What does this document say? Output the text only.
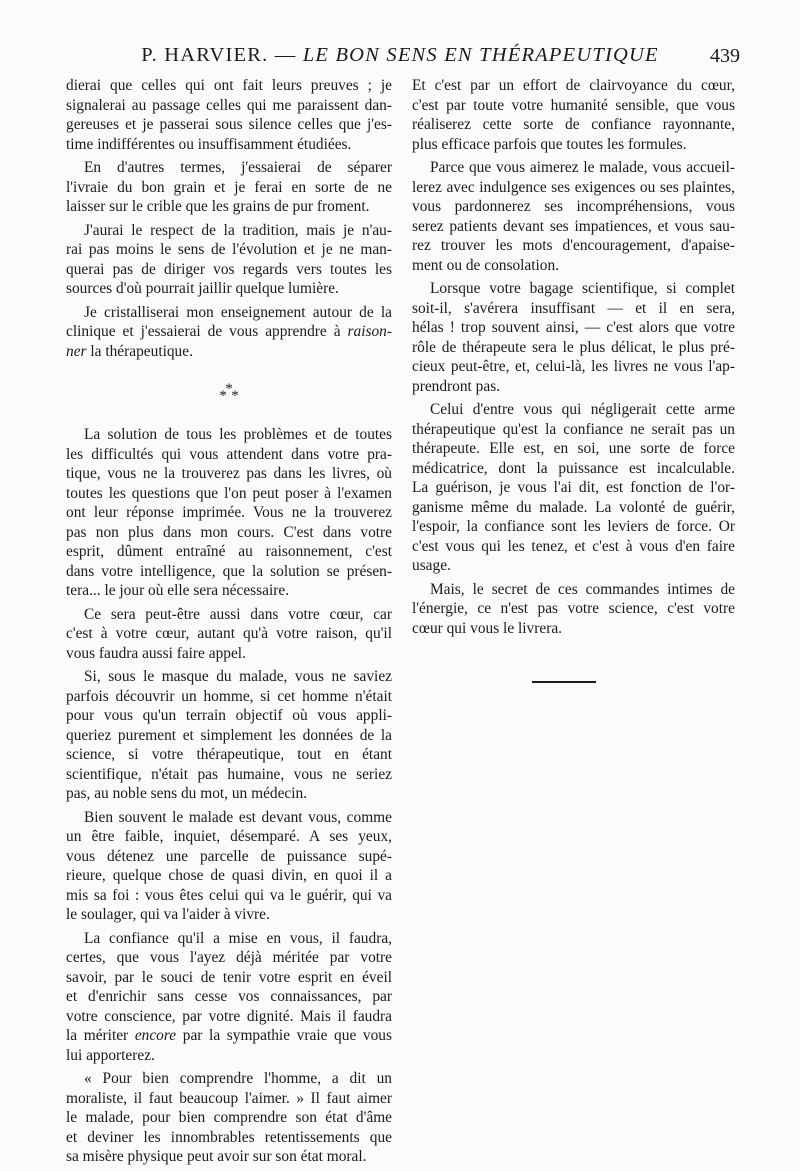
P. HARVIER. — LE BON SENS EN THÉRAPEUTIQUE	439
dierai que celles qui ont fait leurs preuves ; je
signalerai au passage celles qui me paraissent dan-
gereuses et je passerai sous silence celles que j'es-
time indifférentes ou insuffisamment étudiées.
En d'autres termes, j'essaierai de séparer
l'ivraie du bon grain et je ferai en sorte de ne
laisser sur le crible que les grains de pur froment.
J'aurai le respect de la tradition, mais je n'au-
rai pas moins le sens de l'évolution et je ne man-
querai pas de diriger vos regards vers toutes les
sources d'où pourrait jaillir quelque lumière.
Je cristalliserai mon enseignement autour de la
clinique et j'essaierai de vous apprendre à raison-
ner la thérapeutique.
*
*
*
La solution de tous les problèmes et de toutes
les difficultés qui vous attendent dans votre pra-
tique, vous ne la trouverez pas dans les livres, où
toutes les questions que l'on peut poser à l'examen
ont leur réponse imprimée. Vous ne la trouverez
pas non plus dans mon cours. C'est dans votre
esprit, dûment entraîné au raisonnement, c'est
dans votre intelligence, que la solution se présen-
tera... le jour où elle sera nécessaire.
Ce sera peut-être aussi dans votre cœur, car
c'est à votre cœur, autant qu'à votre raison, qu'il
vous faudra aussi faire appel.
Si, sous le masque du malade, vous ne saviez
parfois découvrir un homme, si cet homme n'était
pour vous qu'un terrain objectif où vous appli-
queriez purement et simplement les données de la
science, si votre thérapeutique, tout en étant
scientifique, n'était pas humaine, vous ne seriez
pas, au noble sens du mot, un médecin.
Bien souvent le malade est devant vous, comme
un être faible, inquiet, désemparé. A ses yeux,
vous détenez une parcelle de puissance supé-
rieure, quelque chose de quasi divin, en quoi il a
mis sa foi : vous êtes celui qui va le guérir, qui va
le soulager, qui va l'aider à vivre.
La confiance qu'il a mise en vous, il faudra,
certes, que vous l'ayez déjà méritée par votre
savoir, par le souci de tenir votre esprit en éveil
et d'enrichir sans cesse vos connaissances, par
votre conscience, par votre dignité. Mais il faudra
la mériter encore par la sympathie vraie que vous
lui apporterez.
« Pour bien comprendre l'homme, a dit un
moraliste, il faut beaucoup l'aimer. » Il faut aimer
le malade, pour bien comprendre son état d'âme
et deviner les innombrables retentissements que
sa misère physique peut avoir sur son état moral.
Et c'est par un effort de clairvoyance du cœur,
c'est par toute votre humanité sensible, que vous
réaliserez cette sorte de confiance rayonnante,
plus efficace parfois que toutes les formules.
Parce que vous aimerez le malade, vous accueil-
lerez avec indulgence ses exigences ou ses plaintes,
vous pardonnerez ses incompréhensions, vous
serez patients devant ses impatiences, et vous sau-
rez trouver les mots d'encouragement, d'apaise-
ment ou de consolation.
Lorsque votre bagage scientifique, si complet
soit-il, s'avérera insuffisant — et il en sera,
hélas ! trop souvent ainsi, — c'est alors que votre
rôle de thérapeute sera le plus délicat, le plus pré-
cieux peut-être, et, celui-là, les livres ne vous l'ap-
prendront pas.
Celui d'entre vous qui négligerait cette arme
thérapeutique qu'est la confiance ne serait pas un
thérapeute. Elle est, en soi, une sorte de force
médicatrice, dont la puissance est incalculable.
La guérison, je vous l'ai dit, est fonction de l'or-
ganisme même du malade. La volonté de guérir,
l'espoir, la confiance sont les leviers de force. Or
c'est vous qui les tenez, et c'est à vous d'en faire
usage.
Mais, le secret de ces commandes intimes de
l'énergie, ce n'est pas votre science, c'est votre
cœur qui vous le livrera.
